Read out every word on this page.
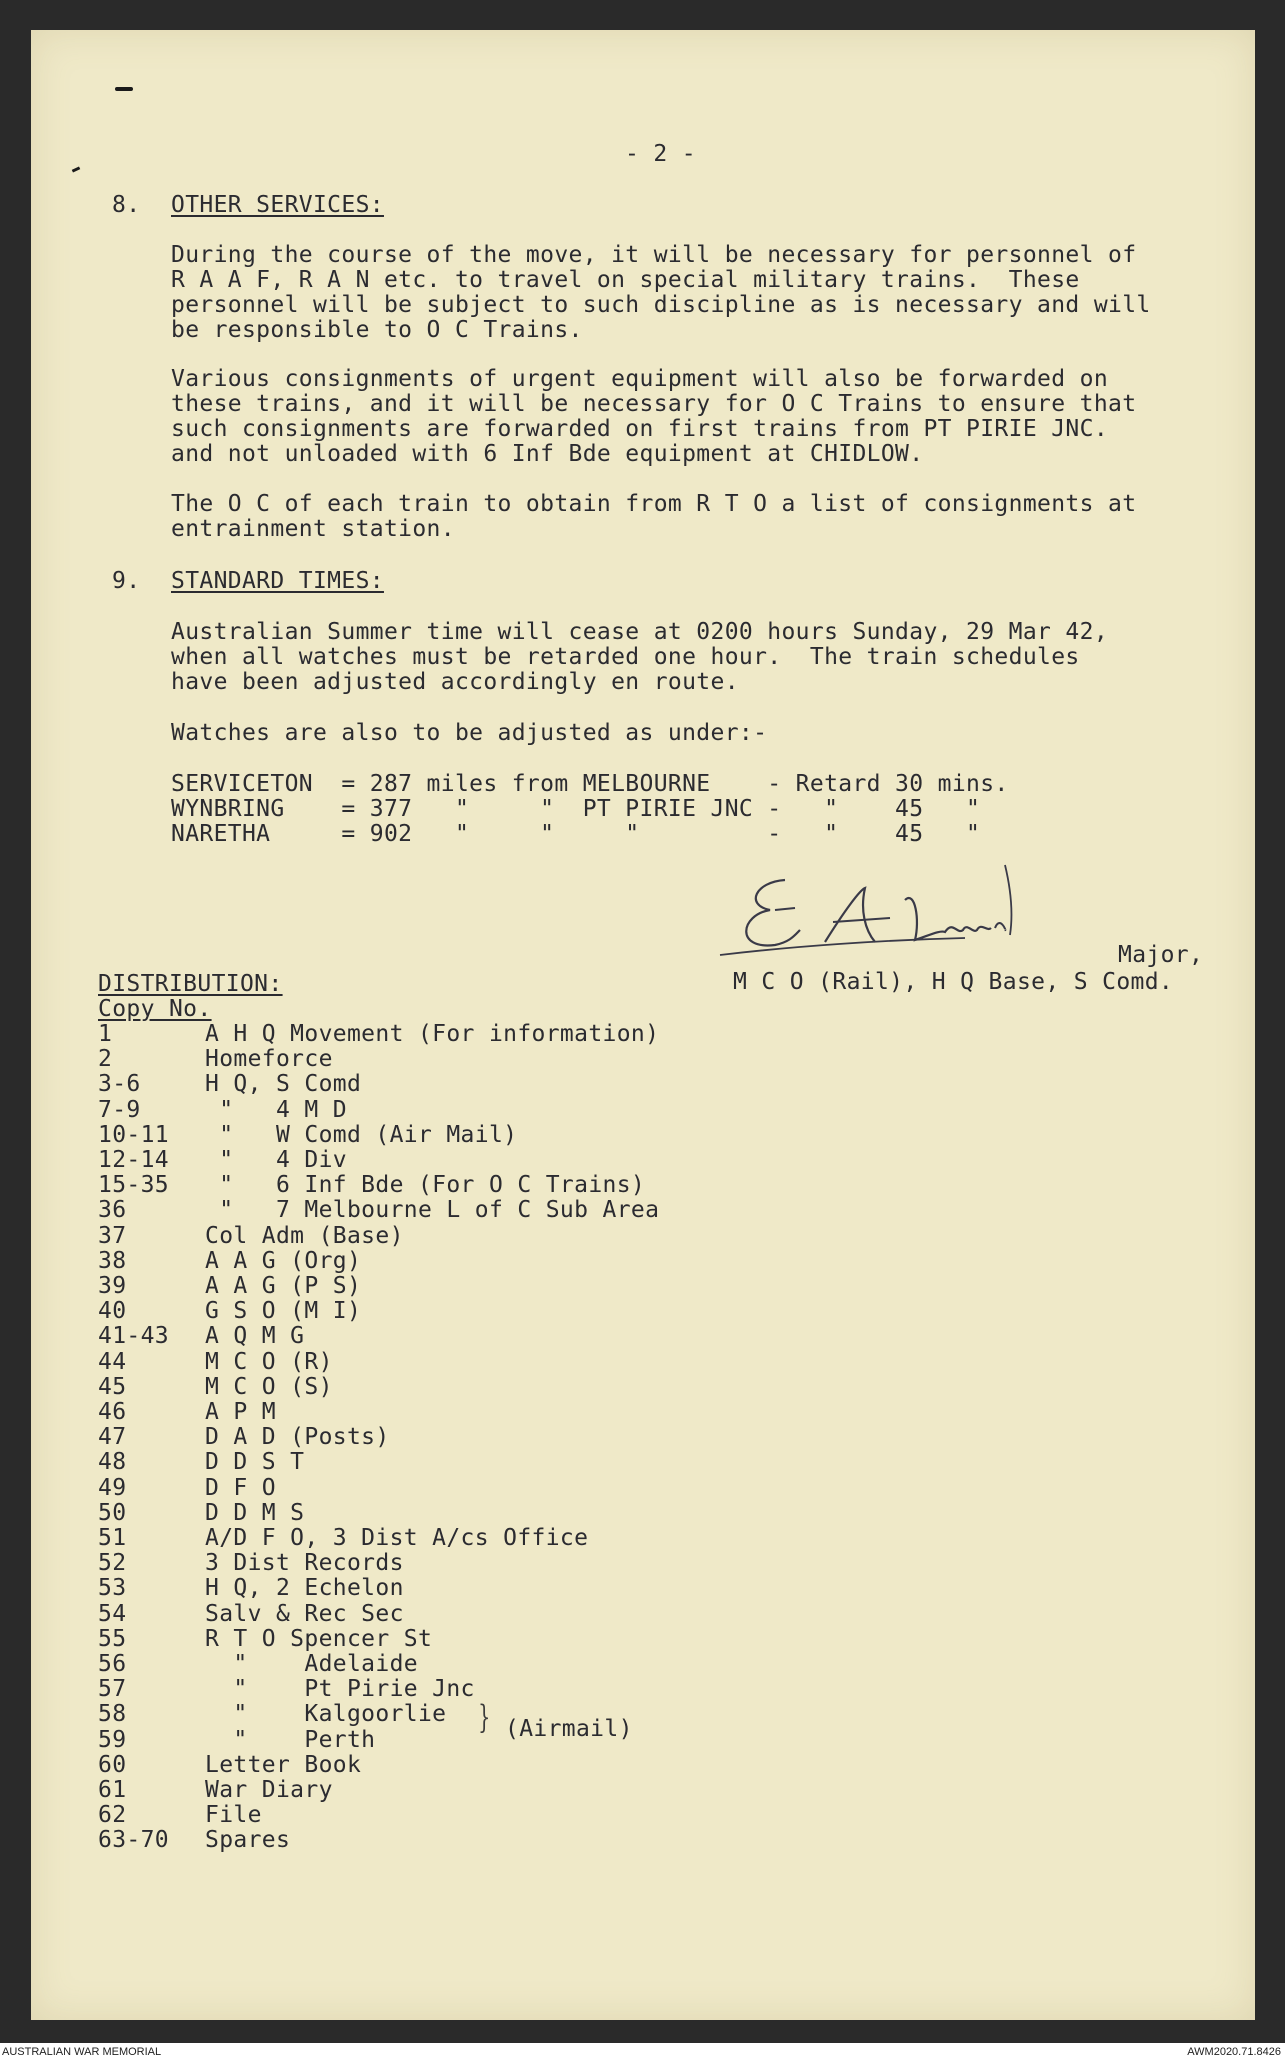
- 2 -
8. OTHER SERVICES:
During the course of the move, it will be necessary for personnel of
R A A F, R A N etc. to travel on special military trains.  These
personnel will be subject to such discipline as is necessary and will
be responsible to O C Trains.
Various consignments of urgent equipment will also be forwarded on
these trains, and it will be necessary for O C Trains to ensure that
such consignments are forwarded on first trains from PT PIRIE JNC.
and not unloaded with 6 Inf Bde equipment at CHIDLOW.
The O C of each train to obtain from R T O a list of consignments at
entrainment station.
9. STANDARD TIMES:
Australian Summer time will cease at 0200 hours Sunday, 29 Mar 42,
when all watches must be retarded one hour.  The train schedules
have been adjusted accordingly en route.
Watches are also to be adjusted as under:-
SERVICETON  = 287 miles from MELBOURNE    - Retard 30 mins.
WYNBRING    = 377   "     "  PT PIRIE JNC -   "    45   "
NARETHA     = 902   "     "     "         -   "    45   "
Major,
M C O (Rail), H Q Base, S Comd.
DISTRIBUTION:
Copy No.
1	A H Q Movement (For information)
2	Homeforce
3-6	H Q, S Comd
7-9	"   4 M D
10-11 "   W Comd (Air Mail)
12-14 "   4 Div
15-35 "   6 Inf Bde (For O C Trains)
36	"   7 Melbourne L of C Sub Area
37	Col Adm (Base)
38	A A G (Org)
39	A A G (P S)
40	G S O (M I)
41-43 A Q M G
44	M C O (R)
45	M C O (S)
46	A P M
47	D A D (Posts)
48	D D S T
49	D F O
50	D D M S
51	A/D F O, 3 Dist A/cs Office
52	3 Dist Records
53	H Q, 2 Echelon
54	Salv & Rec Sec
55	R T O Spencer St
56	"    Adelaide
57	"    Pt Pirie Jnc
58	"    Kalgoorlie
59	"    Perth
60	Letter Book
61	War Diary
62	File
63-70 Spares
} (Airmail)
AUSTRALIAN WAR MEMORIAL	AWM2020.71.8426
